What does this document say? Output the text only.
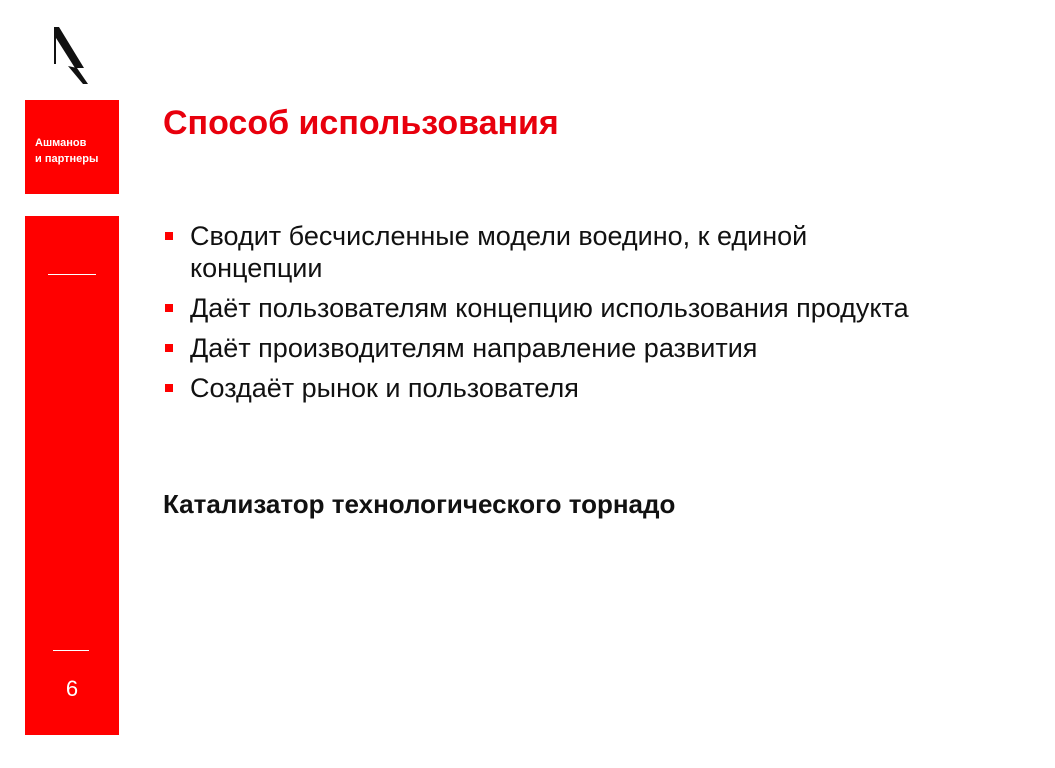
Ашманов
и партнеры
6
Способ использования
Сводит бесчисленные модели воедино, к единой концепции
Даёт пользователям концепцию использования продукта
Даёт производителям направление развития
Создаёт рынок и пользователя

Катализатор технологического торнадо
